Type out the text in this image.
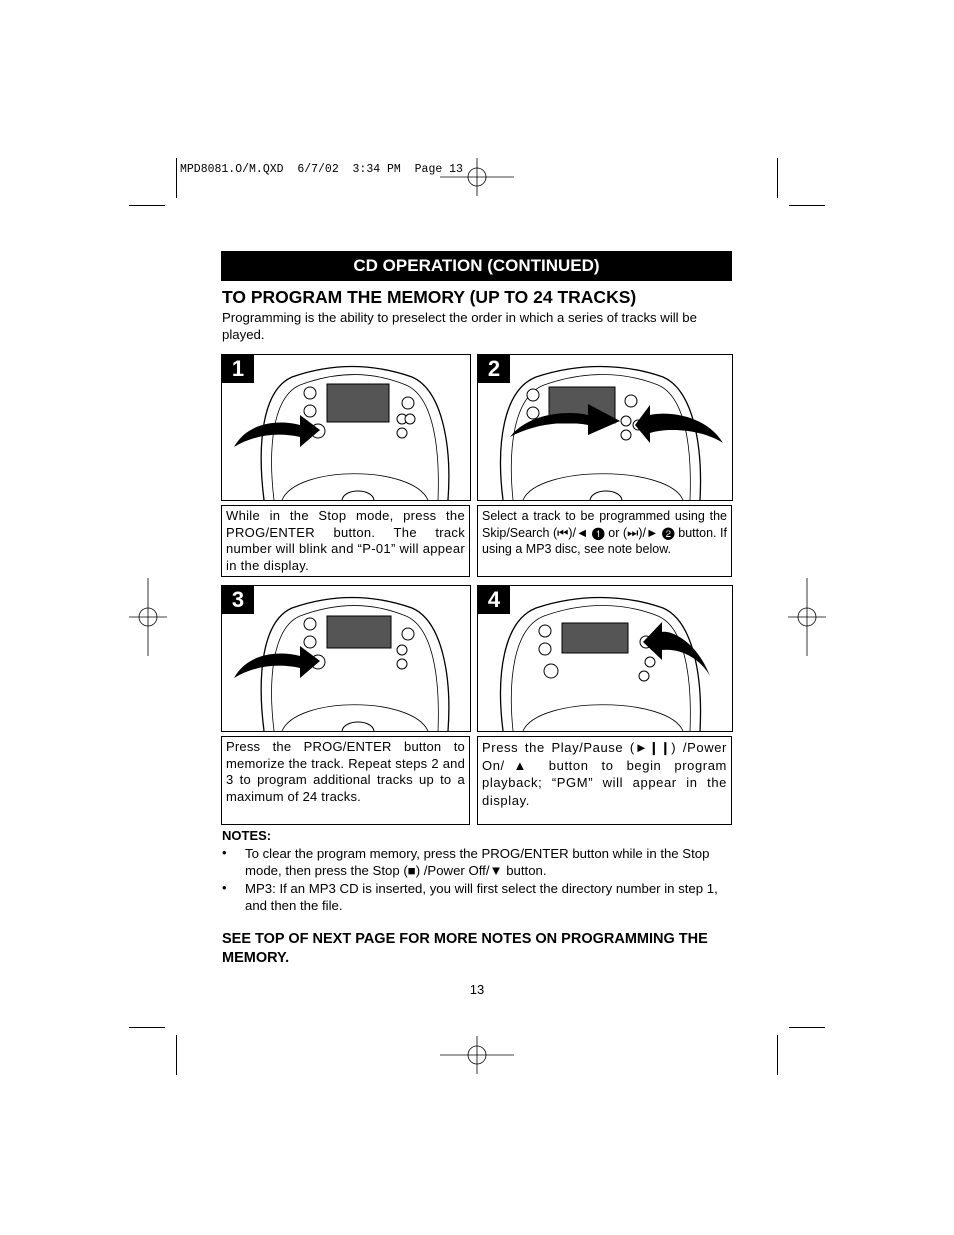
MPD8081.O/M.QXD  6/7/02  3:34 PM  Page 13
CD OPERATION (CONTINUED)
TO PROGRAM THE MEMORY (UP TO 24 TRACKS)
Programming is the ability to preselect the order in which a series of tracks will be played.
1
While in the Stop mode, press the PROG/ENTER button. The track number will blink and “P-01” will appear in the display.
2
Select a track to be programmed using the Skip/Search (⏮)/◄ ❶ or (⏭)/► ❷ button. If using a MP3 disc, see note below.
3
Press the PROG/ENTER button to memorize the track. Repeat steps 2 and 3 to program additional tracks up to a maximum of 24 tracks.
4
Press the Play/Pause (►❙❙) /Power On/▲ button to begin program playback; “PGM” will appear in the display.
NOTES:
• To clear the program memory, press the PROG/ENTER button while in the Stop mode, then press the Stop (■) /Power Off/▼ button.
• MP3: If an MP3 CD is inserted, you will first select the directory number in step 1, and then the file.
SEE TOP OF NEXT PAGE FOR MORE NOTES ON PROGRAMMING THE MEMORY.
13
